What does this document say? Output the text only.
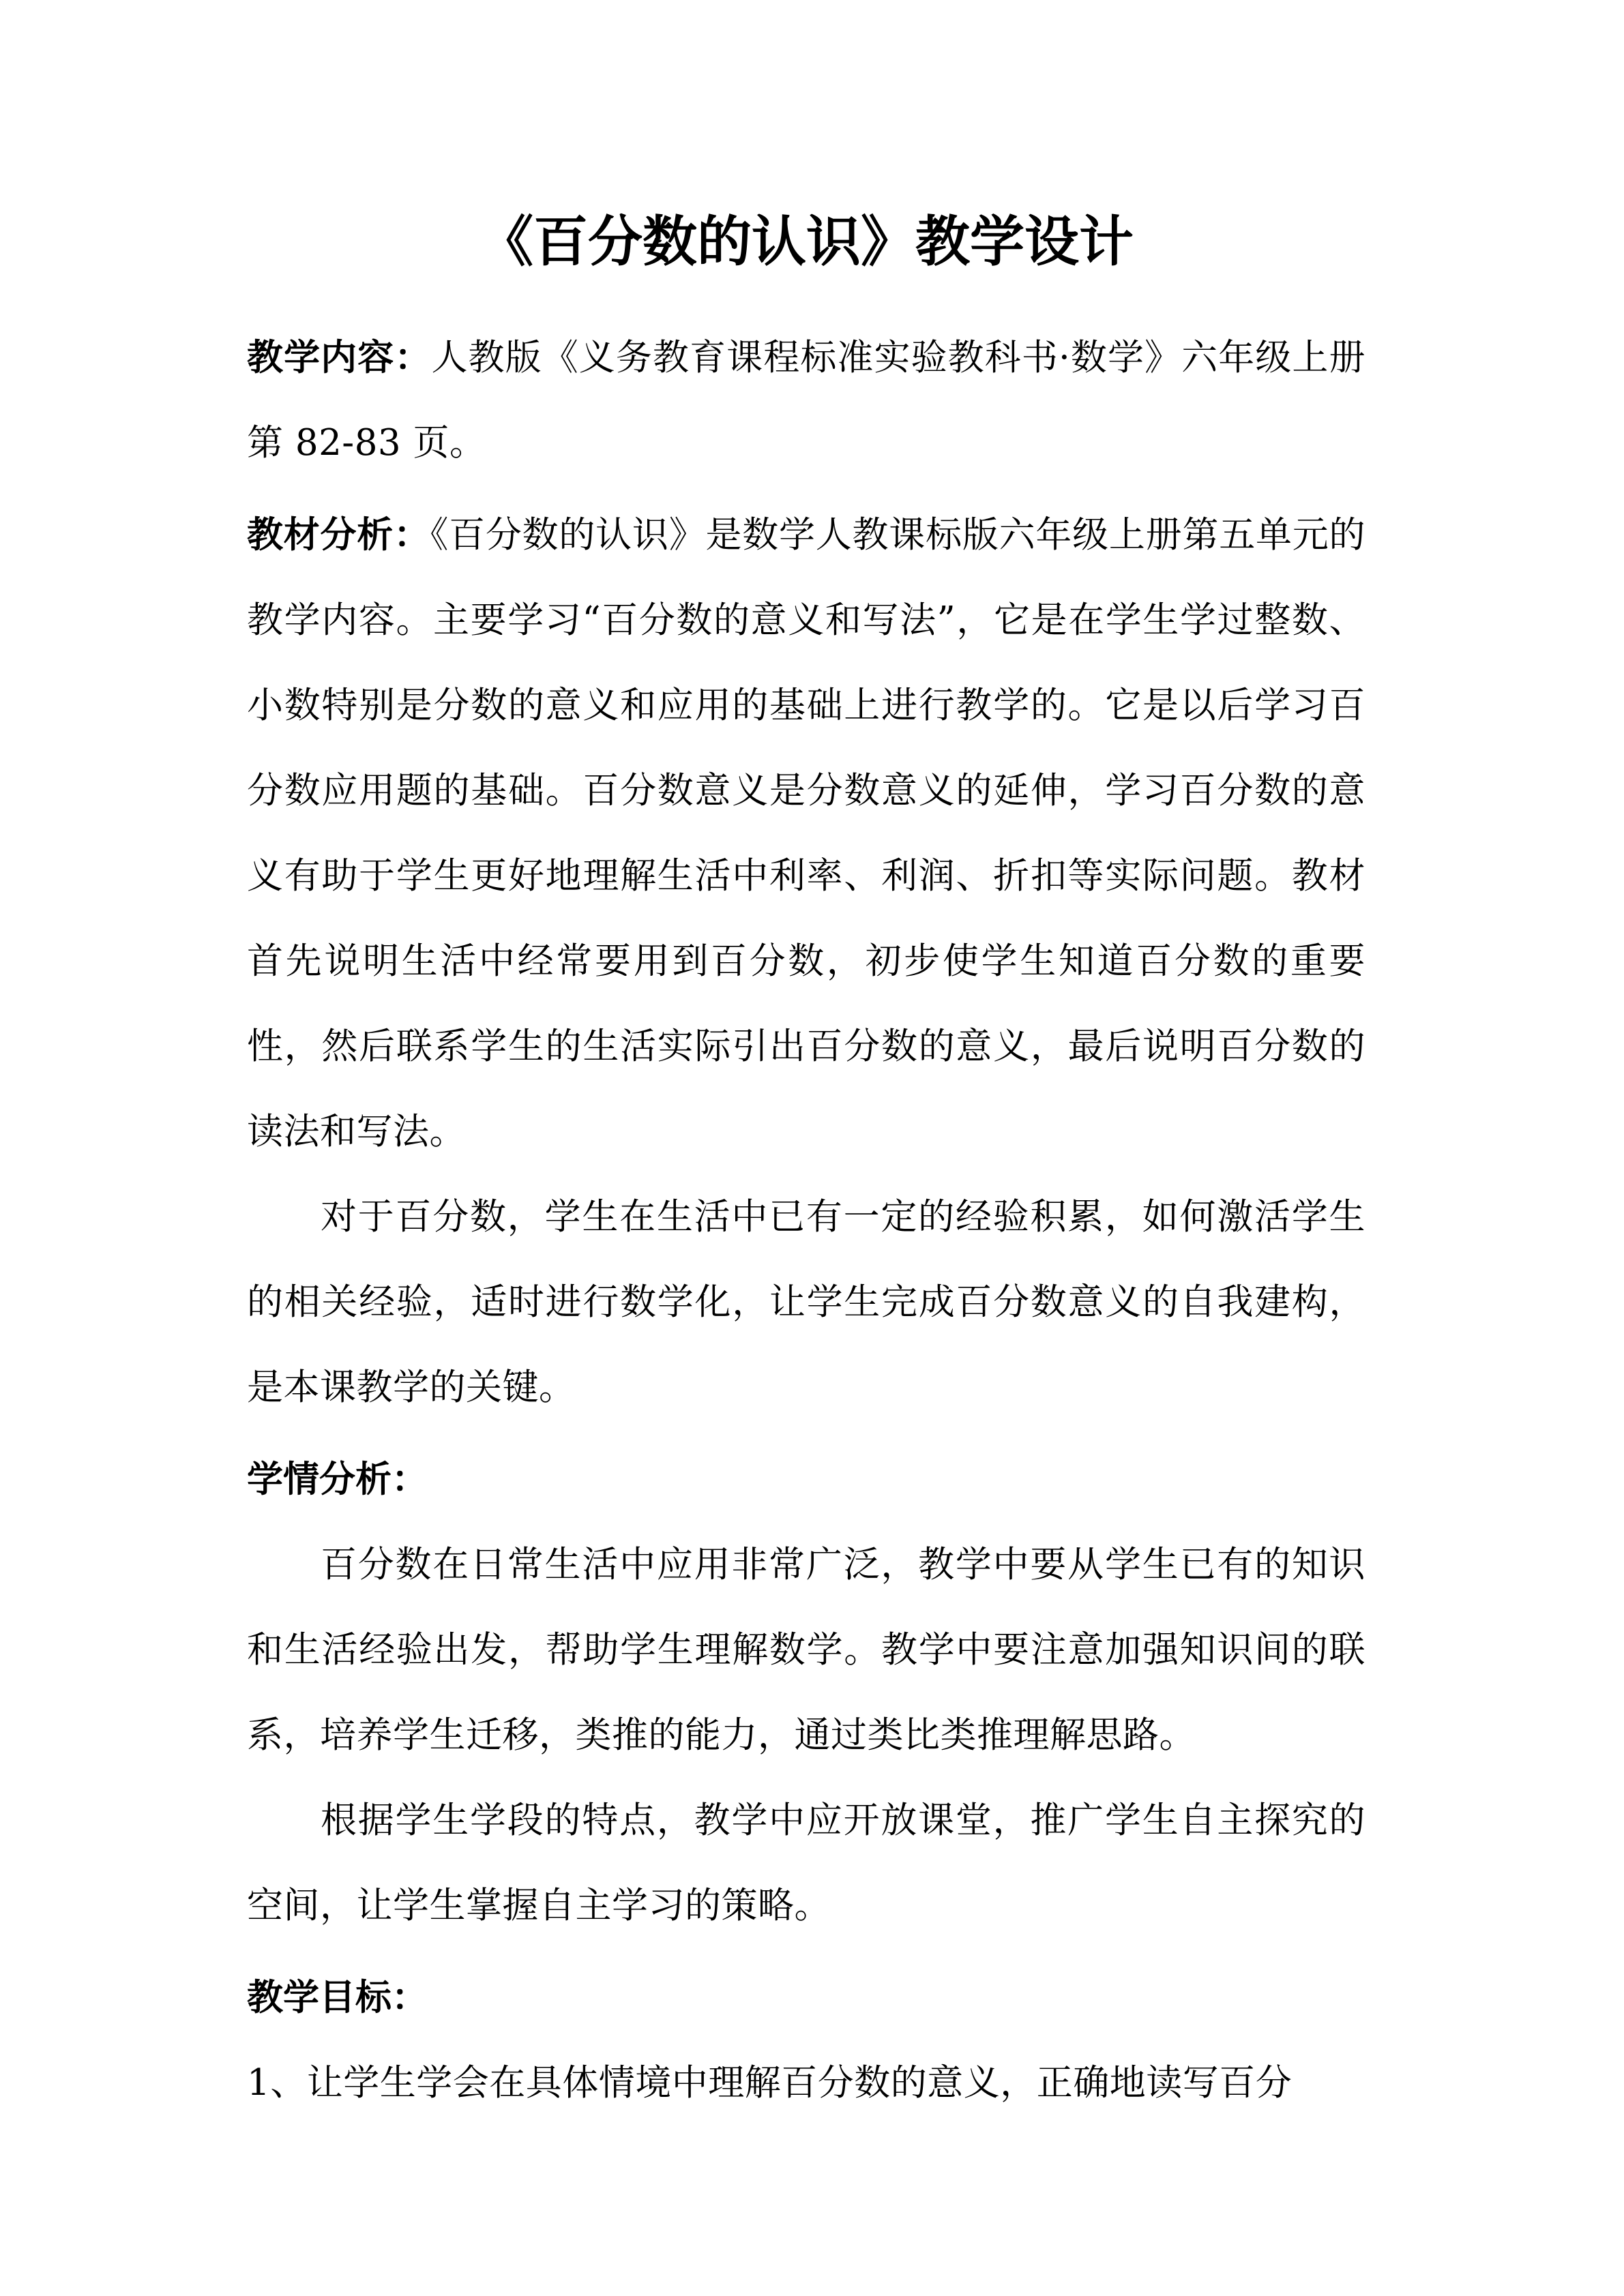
《百分数的认识》教学设计

教学内容：人教版《义务教育课程标准实验教科书·数学》六年级上册第 82-83 页。

教材分析：《百分数的认识》是数学人教课标版六年级上册第五单元的教学内容。主要学习“百分数的意义和写法”，它是在学生学过整数、小数特别是分数的意义和应用的基础上进行教学的。它是以后学习百分数应用题的基础。百分数意义是分数意义的延伸，学习百分数的意义有助于学生更好地理解生活中利率、利润、折扣等实际问题。教材首先说明生活中经常要用到百分数，初步使学生知道百分数的重要性，然后联系学生的生活实际引出百分数的意义，最后说明百分数的读法和写法。

对于百分数，学生在生活中已有一定的经验积累，如何激活学生的相关经验，适时进行数学化，让学生完成百分数意义的自我建构，是本课教学的关键。

学情分析：

百分数在日常生活中应用非常广泛，教学中要从学生已有的知识和生活经验出发，帮助学生理解数学。教学中要注意加强知识间的联系，培养学生迁移，类推的能力，通过类比类推理解思路。

根据学生学段的特点，教学中应开放课堂，推广学生自主探究的空间，让学生掌握自主学习的策略。

教学目标：

1、让学生学会在具体情境中理解百分数的意义，正确地读写百分
